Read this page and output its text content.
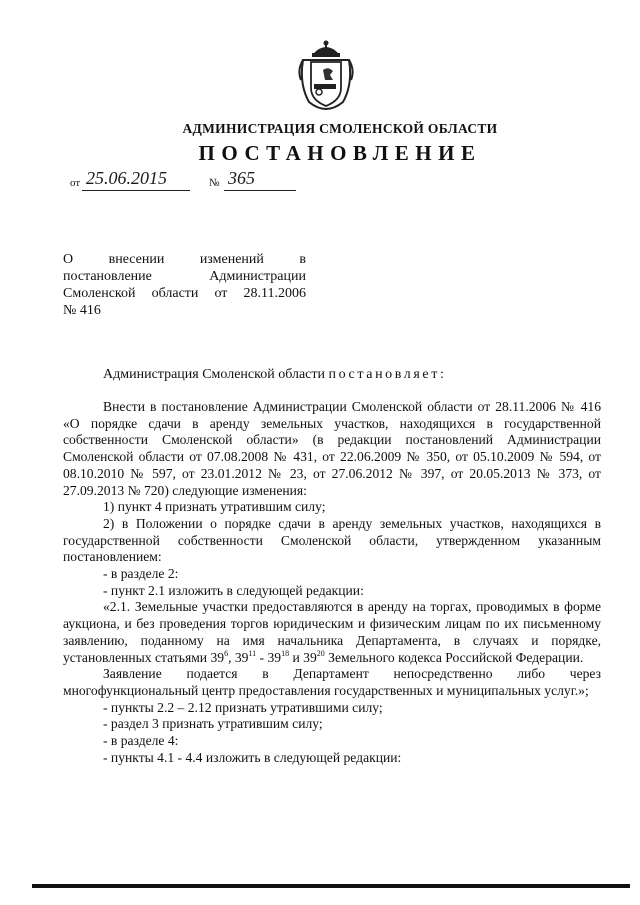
АДМИНИСТРАЦИЯ СМОЛЕНСКОЙ ОБЛАСТИ
ПОСТАНОВЛЕНИЕ
от 25.06.2015	№ 365
О внесении изменений в
постановление Администрации
Смоленской области от 28.11.2006
№ 416
Администрация Смоленской области постановляет:

Внести в постановление Администрации Смоленской области от 28.11.2006 № 416 «О порядке сдачи в аренду земельных участков, находящихся в государственной собственности Смоленской области» (в редакции постановлений Администрации Смоленской области от 07.08.2008 № 431, от 22.06.2009 № 350, от 05.10.2009 № 594, от 08.10.2010 № 597, от 23.01.2012 № 23, от 27.06.2012 № 397, от 20.05.2013 № 373, от 27.09.2013 № 720) следующие изменения:

1) пункт 4 признать утратившим силу;

2) в Положении о порядке сдачи в аренду земельных участков, находящихся в государственной собственности Смоленской области, утвержденном указанным постановлением:

- в разделе 2:

- пункт 2.1 изложить в следующей редакции:

«2.1. Земельные участки предоставляются в аренду на торгах, проводимых в форме аукциона, и без проведения торгов юридическим и физическим лицам по их письменному заявлению, поданному на имя начальника Департамента, в случаях и порядке, установленных статьями $39^6$, $39^{11} - 39^{18}$ и $39^{20}$ Земельного кодекса Российской Федерации.

Заявление подается в Департамент непосредственно либо через многофункциональный центр предоставления государственных и муниципальных услуг.»;

- пункты 2.2 – 2.12 признать утратившими силу;

- раздел 3 признать утратившим силу;

- в разделе 4:

- пункты 4.1 - 4.4 изложить в следующей редакции:
